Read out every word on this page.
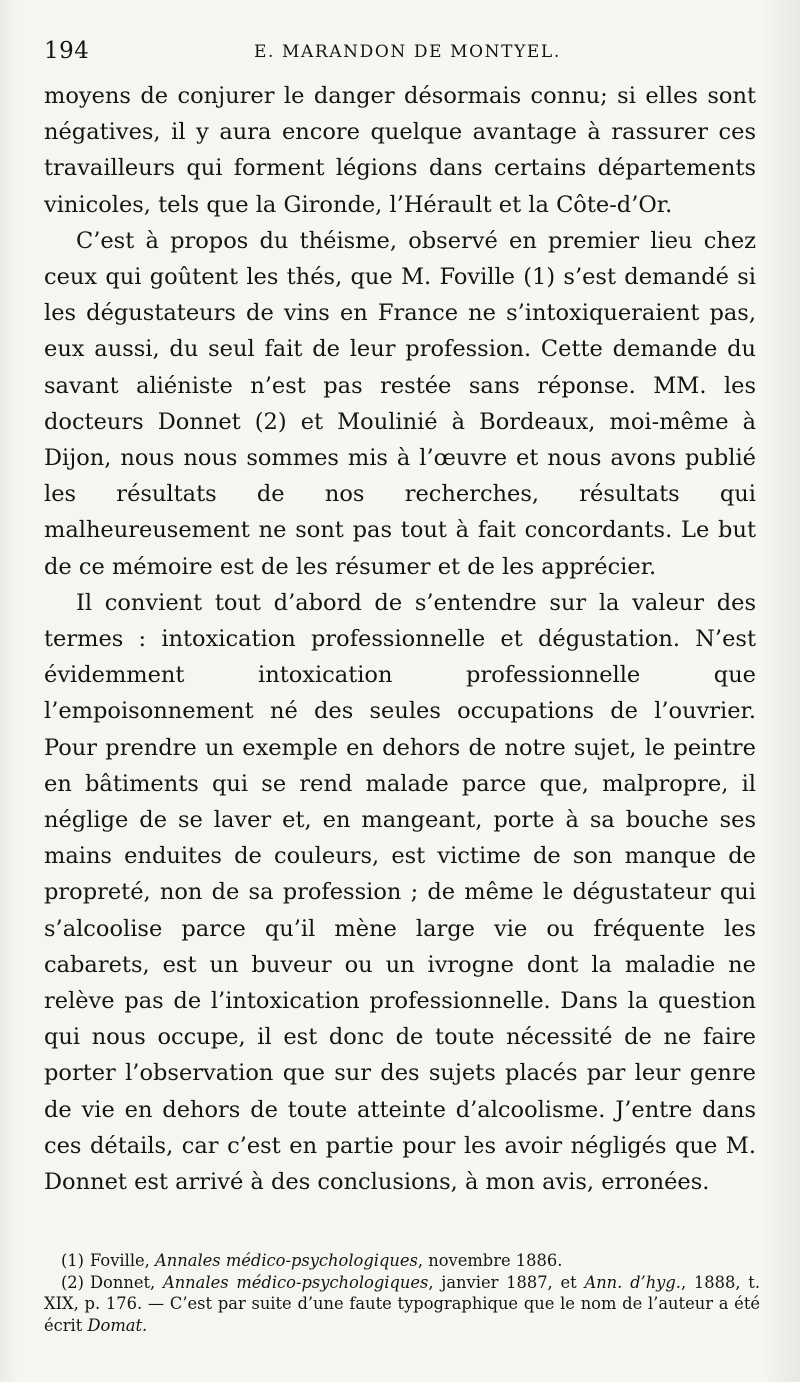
194	E. MARANDON DE MONTYEL.

moyens de conjurer le danger désormais connu; si elles sont négatives, il y aura encore quelque avantage à rassurer ces travailleurs qui forment légions dans certains départements vinicoles, tels que la Gironde, l’Hérault et la Côte-d’Or.

C’est à propos du théisme, observé en premier lieu chez ceux qui goûtent les thés, que M. Foville (1) s’est demandé si les dégustateurs de vins en France ne s’intoxiqueraient pas, eux aussi, du seul fait de leur profession. Cette demande du savant aliéniste n’est pas restée sans réponse. MM. les docteurs Donnet (2) et Moulinié à Bordeaux, moi-même à Dijon, nous nous sommes mis à l’œuvre et nous avons publié les résultats de nos recherches, résultats qui malheureusement ne sont pas tout à fait concordants. Le but de ce mémoire est de les résumer et de les apprécier.

Il convient tout d’abord de s’entendre sur la valeur des termes : intoxication professionnelle et dégustation. N’est évidemment intoxication professionnelle que l’empoisonnement né des seules occupations de l’ouvrier. Pour prendre un exemple en dehors de notre sujet, le peintre en bâtiments qui se rend malade parce que, malpropre, il néglige de se laver et, en mangeant, porte à sa bouche ses mains enduites de couleurs, est victime de son manque de propreté, non de sa profession ; de même le dégustateur qui s’alcoolise parce qu’il mène large vie ou fréquente les cabarets, est un buveur ou un ivrogne dont la maladie ne relève pas de l’intoxication professionnelle. Dans la question qui nous occupe, il est donc de toute nécessité de ne faire porter l’observation que sur des sujets placés par leur genre de vie en dehors de toute atteinte d’alcoolisme. J’entre dans ces détails, car c’est en partie pour les avoir négligés que M. Donnet est arrivé à des conclusions, à mon avis, erronées.

(1) Foville, Annales médico-psychologiques, novembre 1886.

(2) Donnet, Annales médico-psychologiques, janvier 1887, et Ann. d’hyg., 1888, t. XIX, p. 176. — C’est par suite d’une faute typographique que le nom de l’auteur a été écrit Domat.
